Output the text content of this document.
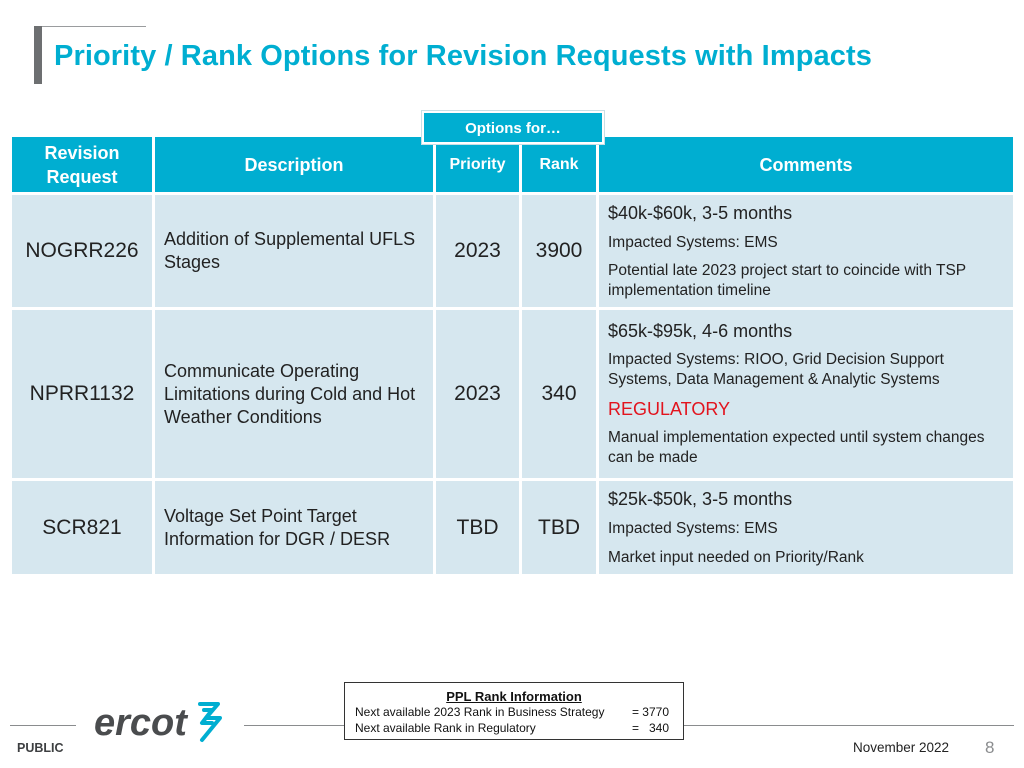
Priority / Rank Options for Revision Requests with Impacts
Revision Request	Description	Priority	Rank	Comments
NOGRR226	Addition of Supplemental UFLS Stages	2023	3900	$40k-$60k, 3-5 months
Impacted Systems: EMS
Potential late 2023 project start to coincide with TSP implementation timeline

NPRR1132	Communicate Operating Limitations during Cold and Hot Weather Conditions	2023	340	$65k-$95k, 4-6 months
Impacted Systems: RIOO, Grid Decision Support Systems, Data Management & Analytic Systems
REGULATORY
Manual implementation expected until system changes can be made

SCR821	Voltage Set Point Target Information for DGR / DESR	TBD	TBD	$25k-$50k, 3-5 months
Impacted Systems: EMS
Market input needed on Priority/Rank
Options for…
PPL Rank Information
Next available 2023 Rank in Business Strategy = 3770
Next available Rank in Regulatory	=   340
ercot
PUBLIC	November 2022 8
